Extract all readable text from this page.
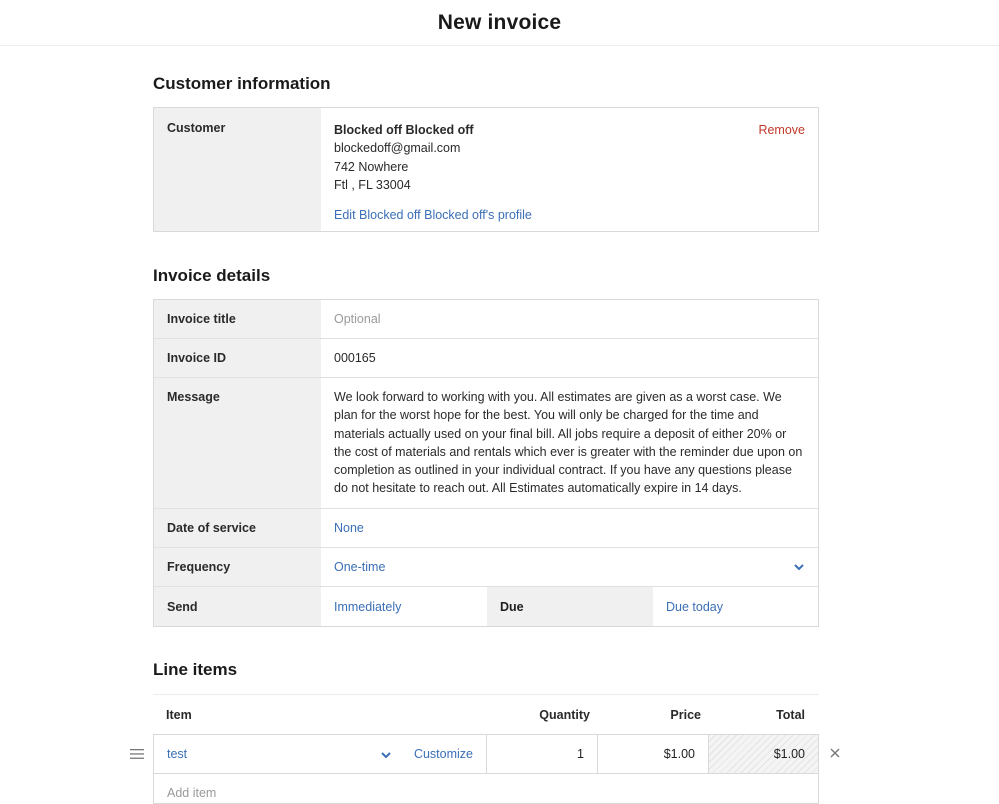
New invoice
Customer information
Customer	Blocked off Blocked off
blockedoff@gmail.com
742 Nowhere
Ftl , FL 33004
Edit Blocked off Blocked off's profile
Remove
Invoice details
Invoice title	Optional
Invoice ID	000165
Message	We look forward to working with you. All estimates are given as a worst case. We plan for the worst hope for the best. You will only be charged for the time and materials actually used on your final bill. All jobs require a deposit of either 20% or the cost of materials and rentals which ever is greater with the reminder due upon on completion as outlined in your individual contract. If you have any questions please do not hesitate to reach out. All Estimates automatically expire in 14 days.
Date of service	None
Frequency	One-time
Send	Immediately	Due	Due today
Line items
Item	Quantity	Price	Total
test	Customize	1	$1.00	$1.00
Add item
